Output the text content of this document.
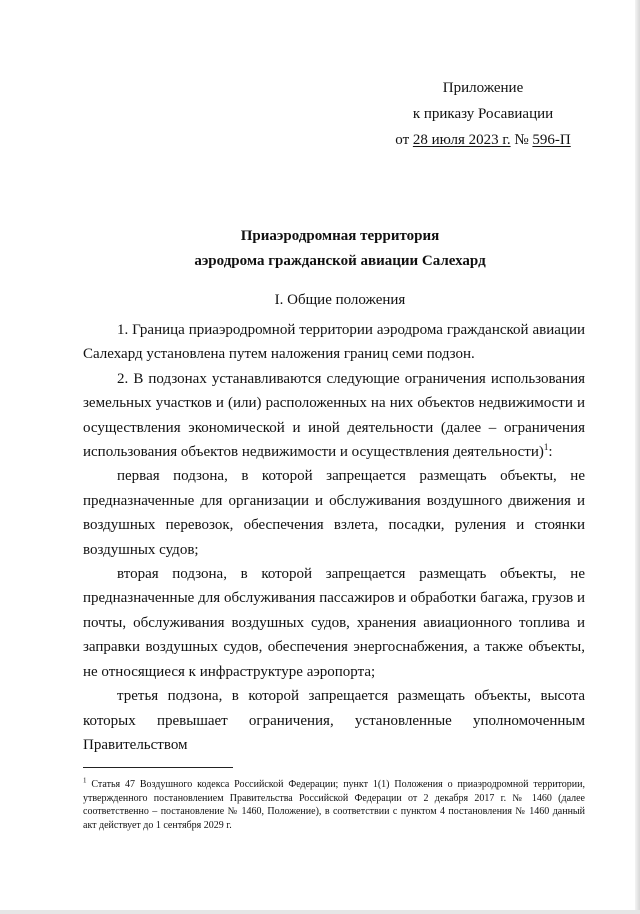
Приложение
к приказу Росавиации
от 28 июля 2023 г. № 596-П
Приаэродромная территория
аэродрома гражданской авиации Салехард
I. Общие положения

1. Граница приаэродромной территории аэродрома гражданской авиации Салехард установлена путем наложения границ семи подзон.

2. В подзонах устанавливаются следующие ограничения использования земельных участков и (или) расположенных на них объектов недвижимости и осуществления экономической и иной деятельности (далее – ограничения использования объектов недвижимости и осуществления деятельности)$^1$:

первая подзона, в которой запрещается размещать объекты, не предназначенные для организации и обслуживания воздушного движения и воздушных перевозок, обеспечения взлета, посадки, руления и стоянки воздушных судов;

вторая подзона, в которой запрещается размещать объекты, не предназначенные для обслуживания пассажиров и обработки багажа, грузов и почты, обслуживания воздушных судов, хранения авиационного топлива и заправки воздушных судов, обеспечения энергоснабжения, а также объекты, не относящиеся к инфраструктуре аэропорта;

третья подзона, в которой запрещается размещать объекты, высота которых превышает ограничения, установленные уполномоченным Правительством

$^1$ Статья 47 Воздушного кодекса Российской Федерации; пункт 1(1) Положения о приаэродромной территории, утвержденного постановлением Правительства Российской Федерации от 2 декабря 2017 г. № 1460 (далее соответственно – постановление № 1460, Положение), в соответствии с пунктом 4 постановления № 1460 данный акт действует до 1 сентября 2029 г.
